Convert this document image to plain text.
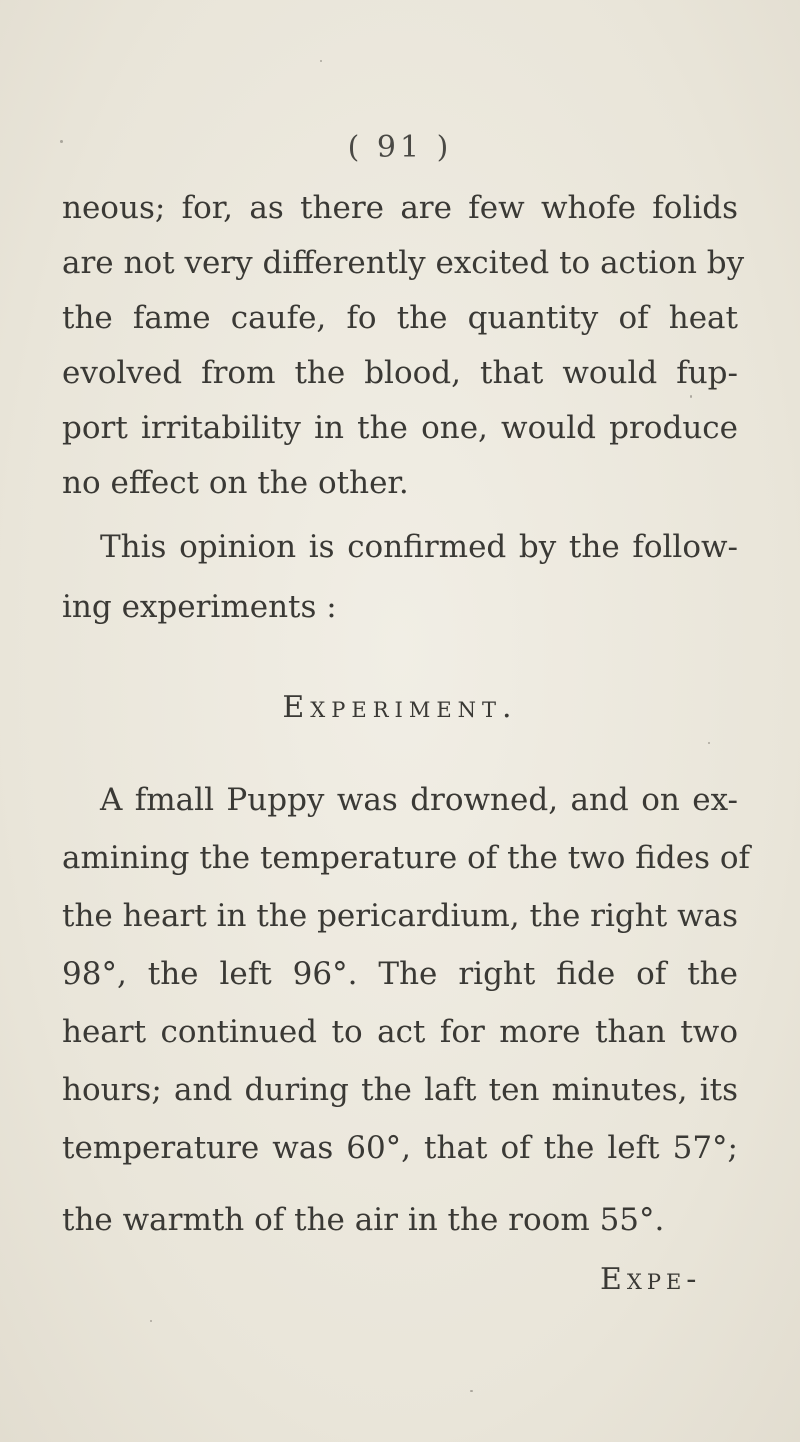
( 91 )
neous; for, as there are few whofe folids
are not very differently excited to action by
the fame caufe, fo the quantity of heat
evolved from the blood, that would fup-
port irritability in the one, would produce
no effect on the other.
This opinion is confirmed by the follow-
ing experiments :
Experiment.
A fmall Puppy was drowned, and on ex-
amining the temperature of the two fides of
the heart in the pericardium, the right was
98°, the left 96°. The right fide of the
heart continued to act for more than two
hours; and during the laft ten minutes, its
temperature was 60°, that of the left 57°;
the warmth of the air in the room 55°.
Expe-
